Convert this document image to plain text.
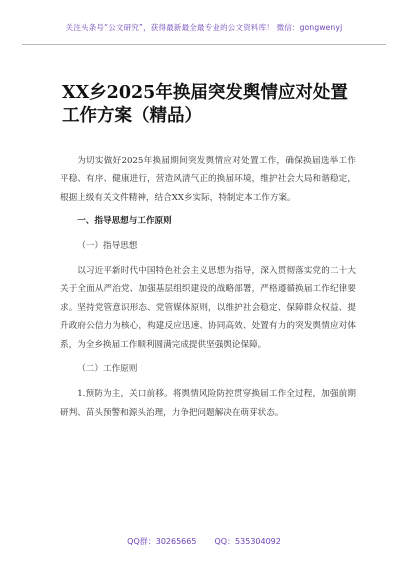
关注头条号“公文研究”，获得最新最全最专业的公文资料库！ 微信：gongwenyj
XX乡2025年换届突发舆情应对处置工作方案（精品）

为切实做好2025年换届期间突发舆情应对处置工作，确保换届选举工作平稳、有序、健康进行，营造风清气正的换届环境，维护社会大局和谐稳定，根据上级有关文件精神，结合XX乡实际，特制定本工作方案。

一、指导思想与工作原则

（一）指导思想

以习近平新时代中国特色社会主义思想为指导，深入贯彻落实党的二十大关于全面从严治党、加强基层组织建设的战略部署，严格遵循换届工作纪律要求。坚持党管意识形态、党管媒体原则，以维护社会稳定、保障群众权益、提升政府公信力为核心，构建反应迅速、协同高效、处置有力的突发舆情应对体系，为全乡换届工作顺利圆满完成提供坚强舆论保障。

（二）工作原则

1.预防为主，关口前移。将舆情风险防控贯穿换届工作全过程，加强前期研判、苗头预警和源头治理，力争把问题解决在萌芽状态。

QQ群：30265665 QQ：535304092
